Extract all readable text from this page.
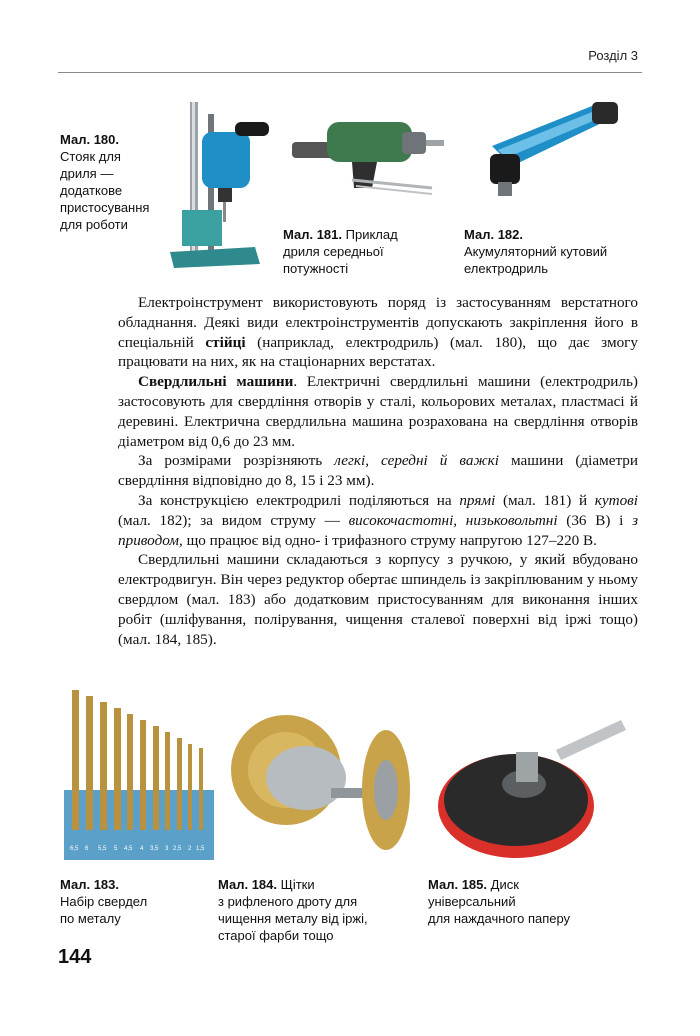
Розділ 3
Мал. 180.
Стояк для
дриля —
додаткове
пристосування
для роботи
Мал. 181. Приклад
дриля середньої
потужності
Мал. 182.
Акумуляторний кутовий
електродриль

Електроінструмент використовують поряд із застосуванням верстатного обладнання. Деякі види електроінструментів допускають закріплення його в спеціальній стійці (наприклад, електродриль) (мал. 180), що дає змогу працювати на них, як на стаціонарних верстатах.

Свердлильні машини. Електричні свердлильні машини (електродриль) застосовують для свердління отворів у сталі, кольорових металах, пластмасі й деревині. Електрична свердлильна машина розрахована на свердління отворів діаметром від 0,6 до 23 мм.

За розмірами розрізняють легкі, середні й важкі машини (діаметри свердління відповідно до 8, 15 і 23 мм).

За конструкцією електродрилі поділяються на прямі (мал. 181) й кутові (мал. 182); за видом струму — високочастотні, низьковольтні (36 В) і з приводом, що працює від одно- і трифазного струму напругою 127–220 В.

Свердлильні машини складаються з корпусу з ручкою, у який вбудовано електродвигун. Він через редуктор обертає шпиндель із закріплюваним у ньому свердлом (мал. 183) або додатковим пристосуванням для виконання інших робіт (шліфування, полірування, чищення сталевої поверхні від іржі тощо) (мал. 184, 185).

6,5 6 5,5 5 4,5 4 3,5 3 2,5 2 1,5
Мал. 183.
Набір свердел
по металу
Мал. 184. Щітки
з рифленого дроту для
чищення металу від іржі,
старої фарби тощо
Мал. 185. Диск
універсальний
для наждачного паперу
144
